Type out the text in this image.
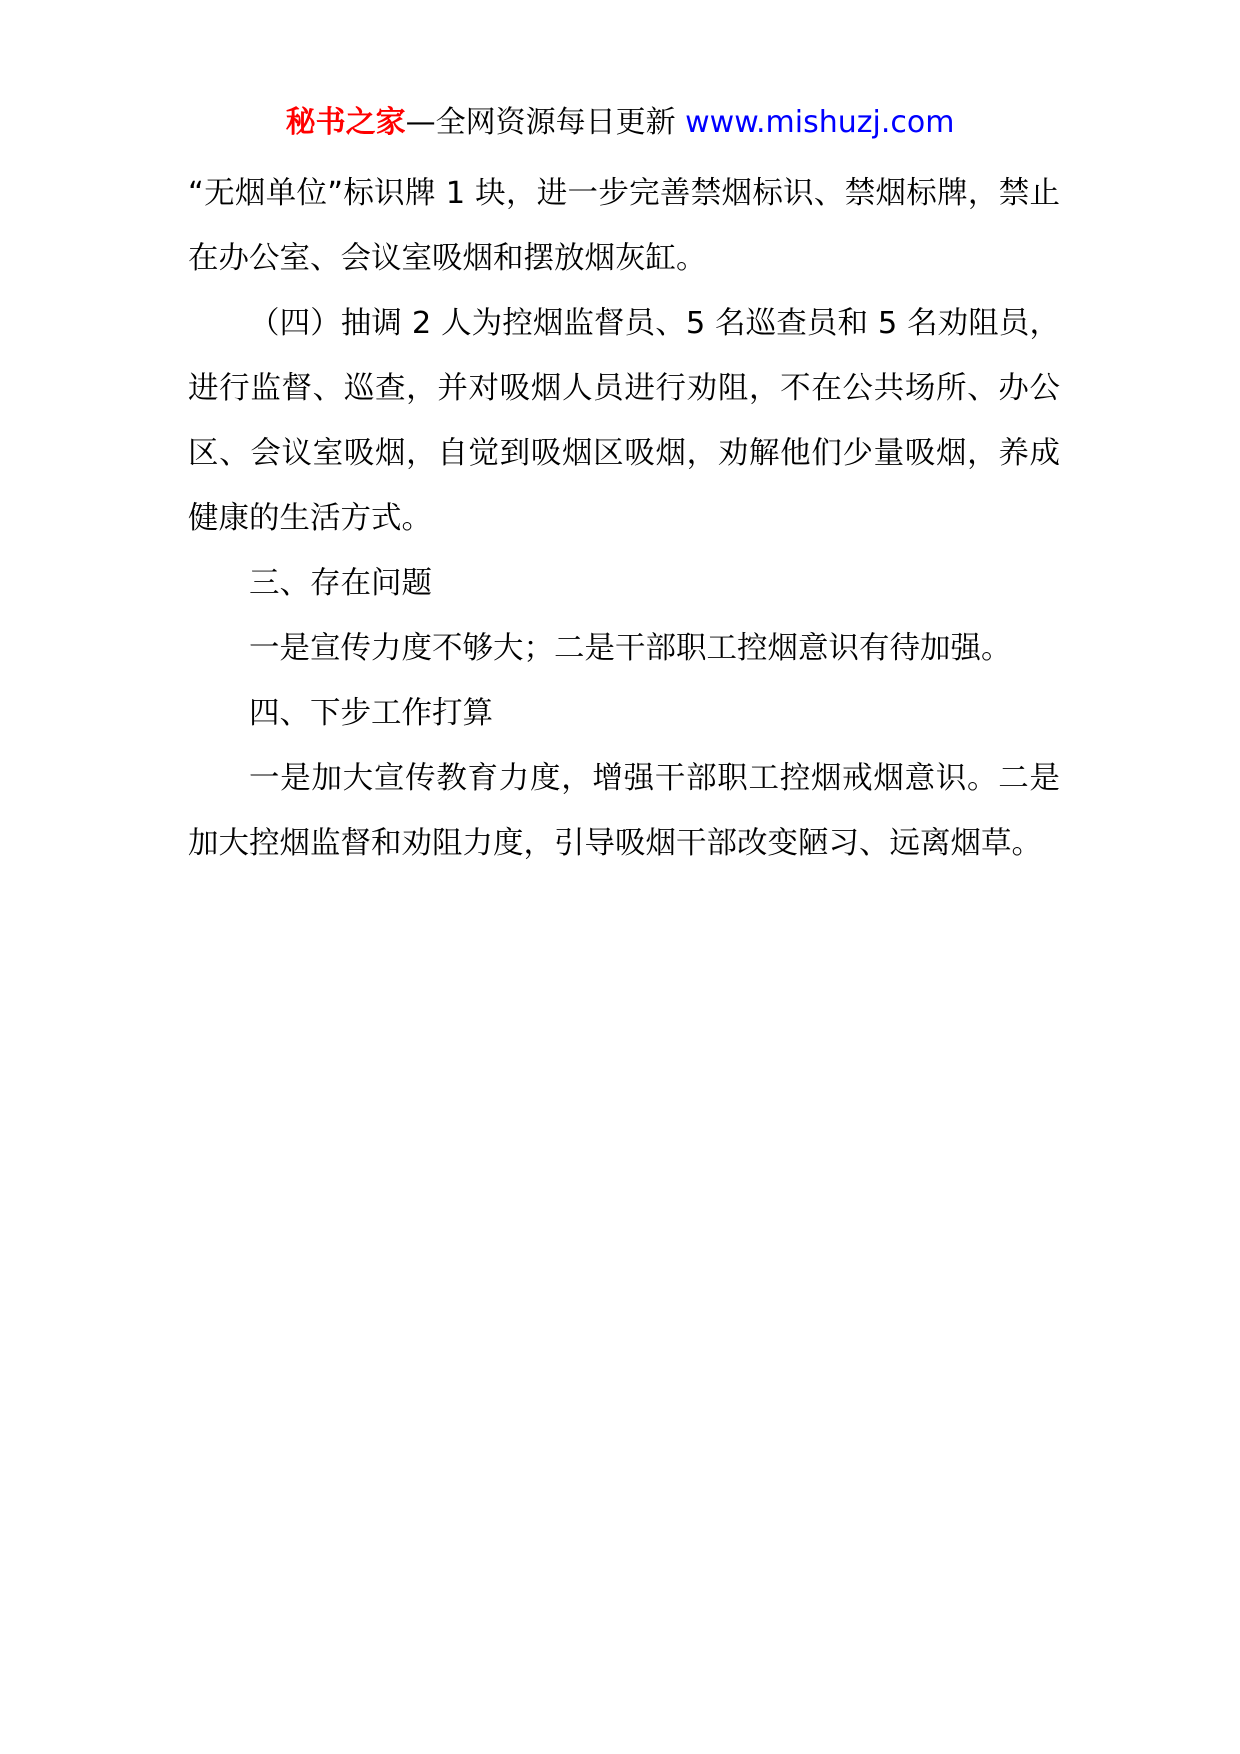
秘书之家—全网资源每日更新 www.mishuzj.com

“无烟单位”标识牌 1 块，进一步完善禁烟标识、禁烟标牌，禁止在办公室、会议室吸烟和摆放烟灰缸。

（四）抽调 2 人为控烟监督员、5 名巡查员和 5 名劝阻员，进行监督、巡查，并对吸烟人员进行劝阻，不在公共场所、办公区、会议室吸烟，自觉到吸烟区吸烟，劝解他们少量吸烟，养成健康的生活方式。

三、存在问题

一是宣传力度不够大；二是干部职工控烟意识有待加强。

四、下步工作打算

一是加大宣传教育力度，增强干部职工控烟戒烟意识。二是加大控烟监督和劝阻力度，引导吸烟干部改变陋习、远离烟草。
